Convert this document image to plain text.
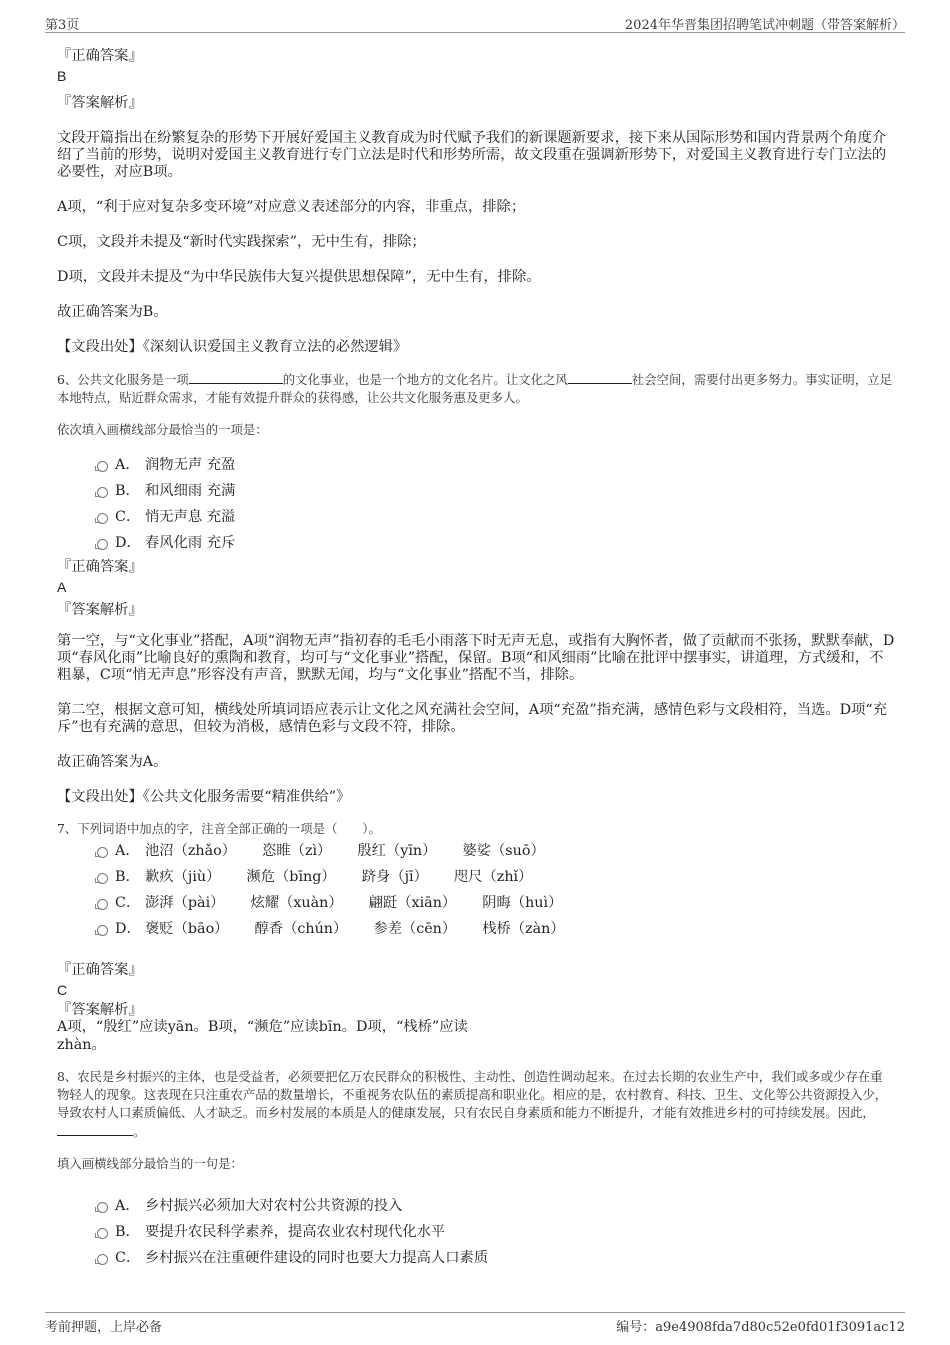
第3页	2024年华晋集团招聘笔试冲刺题（带答案解析）

『正确答案』

B

『答案解析』

文段开篇指出在纷繁复杂的形势下开展好爱国主义教育成为时代赋予我们的新课题新要求，接下来从国际形势和国内背景两个角度介绍了当前的形势，说明对爱国主义教育进行专门立法是时代和形势所需，故文段重在强调新形势下，对爱国主义教育进行专门立法的必要性，对应B项。

A项，“利于应对复杂多变环境”对应意义表述部分的内容，非重点，排除；

C项，文段并未提及“新时代实践探索”，无中生有，排除；

D项，文段并未提及“为中华民族伟大复兴提供思想保障”，无中生有，排除。

故正确答案为B。

【文段出处】《深刻认识爱国主义教育立法的必然逻辑》

6、公共文化服务是一项	的文化事业，也是一个地方的文化名片。让文化之风	社会空间，需要付出更多努力。事实证明，立足本地特点，贴近群众需求，才能有效提升群众的获得感，让公共文化服务惠及更多人。

依次填入画横线部分最恰当的一项是：

A． 润物无声 充盈
B． 和风细雨 充满
C． 悄无声息 充溢
D． 春风化雨 充斥

『正确答案』

A

『答案解析』

第一空，与“文化事业”搭配，A项“润物无声”指初春的毛毛小雨落下时无声无息，或指有大胸怀者，做了贡献而不张扬，默默奉献，D项“春风化雨”比喻良好的熏陶和教育，均可与“文化事业”搭配，保留。B项“和风细雨”比喻在批评中摆事实，讲道理，方式缓和，不粗暴，C项“悄无声息”形容没有声音，默默无闻，均与“文化事业”搭配不当，排除。

第二空，根据文意可知，横线处所填词语应表示让文化之风充满社会空间，A项“充盈”指充满，感情色彩与文段相符，当选。D项“充斥”也有充满的意思，但较为消极，感情色彩与文段不符，排除。

故正确答案为A。

【文段出处】《公共文化服务需要“精准供给”》

7、下列词语中加点的字，注音全部正确的一项是（　　）。

A． 池沼（zhǎo） 恣睢（zì） 殷红（yīn） 婆娑（suō）
B． 歉疚（jiù） 濒危（bīng） 跻身（jī） 咫尺（zhǐ）
C． 澎湃（pài） 炫耀（xuàn） 翩跹（xiān） 阴晦（huì）
D． 褒贬（bāo） 醇香（chún） 参差（cēn） 栈桥（zàn）

『正确答案』

C

『答案解析』

A项，“殷红”应读yān。B项，“濒危”应读bīn。D项，“栈桥”应读

zhàn。

8、农民是乡村振兴的主体，也是受益者，必须要把亿万农民群众的积极性、主动性、创造性调动起来。在过去长期的农业生产中，我们或多或少存在重物轻人的现象。这表现在只注重农产品的数量增长，不重视务农队伍的素质提高和职业化。相应的是，农村教育、科技、卫生、文化等公共资源投入少，导致农村人口素质偏低、人才缺乏。而乡村发展的本质是人的健康发展，只有农民自身素质和能力不断提升，才能有效推进乡村的可持续发展。因此，。

填入画横线部分最恰当的一句是：

A． 乡村振兴必须加大对农村公共资源的投入
B． 要提升农民科学素养，提高农业农村现代化水平
C． 乡村振兴在注重硬件建设的同时也要大力提高人口素质
考前押题，上岸必备	编号：a9e4908fda7d80c52e0fd01f3091ac12
